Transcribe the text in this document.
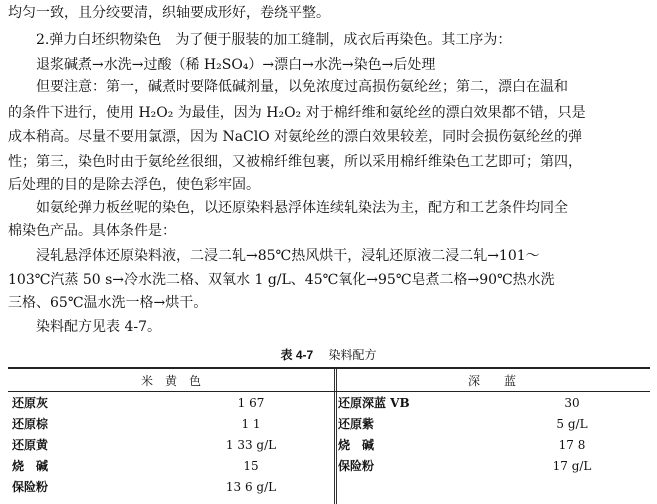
均匀一致，且分绞要清，织轴要成形好，卷绕平整。
2.弹力白坯织物染色　为了便于服装的加工缝制，成衣后再染色。其工序为：
退浆碱煮→水洗→过酸（稀 H₂SO₄）→漂白→水洗→染色→后处理
但要注意：第一，碱煮时要降低碱剂量，以免浓度过高损伤氨纶丝；第二，漂白在温和
的条件下进行，使用 H₂O₂ 为最佳，因为 H₂O₂ 对于棉纤维和氨纶丝的漂白效果都不错，只是
成本稍高。尽量不要用氯漂，因为 NaClO 对氨纶丝的漂白效果较差，同时会损伤氨纶丝的弹
性；第三，染色时由于氨纶丝很细，又被棉纤维包裹，所以采用棉纤维染色工艺即可；第四，
后处理的目的是除去浮色，使色彩牢固。
如氨纶弹力板丝呢的染色，以还原染料悬浮体连续轧染法为主，配方和工艺条件均同全
棉染色产品。具体条件是：
浸轧悬浮体还原染料液，二浸二轧→85℃热风烘干，浸轧还原液二浸二轧→101～
103℃汽蒸 50 s→冷水洗二格、双氧水 1 g/L、45℃氧化→95℃皂煮二格→90℃热水洗
三格、65℃温水洗一格→烘干。
染料配方见表 4-7。
表 4-7 染料配方
米　黄　色		深　　蓝	
还原灰	1 67	还原深蓝 VB	30
还原棕	1 1	还原紫	5 g/L
还原黄	1 33 g/L	烧　碱	17 8
烧　碱	15	保险粉	17 g/L
保险粉	13 6 g/L		
